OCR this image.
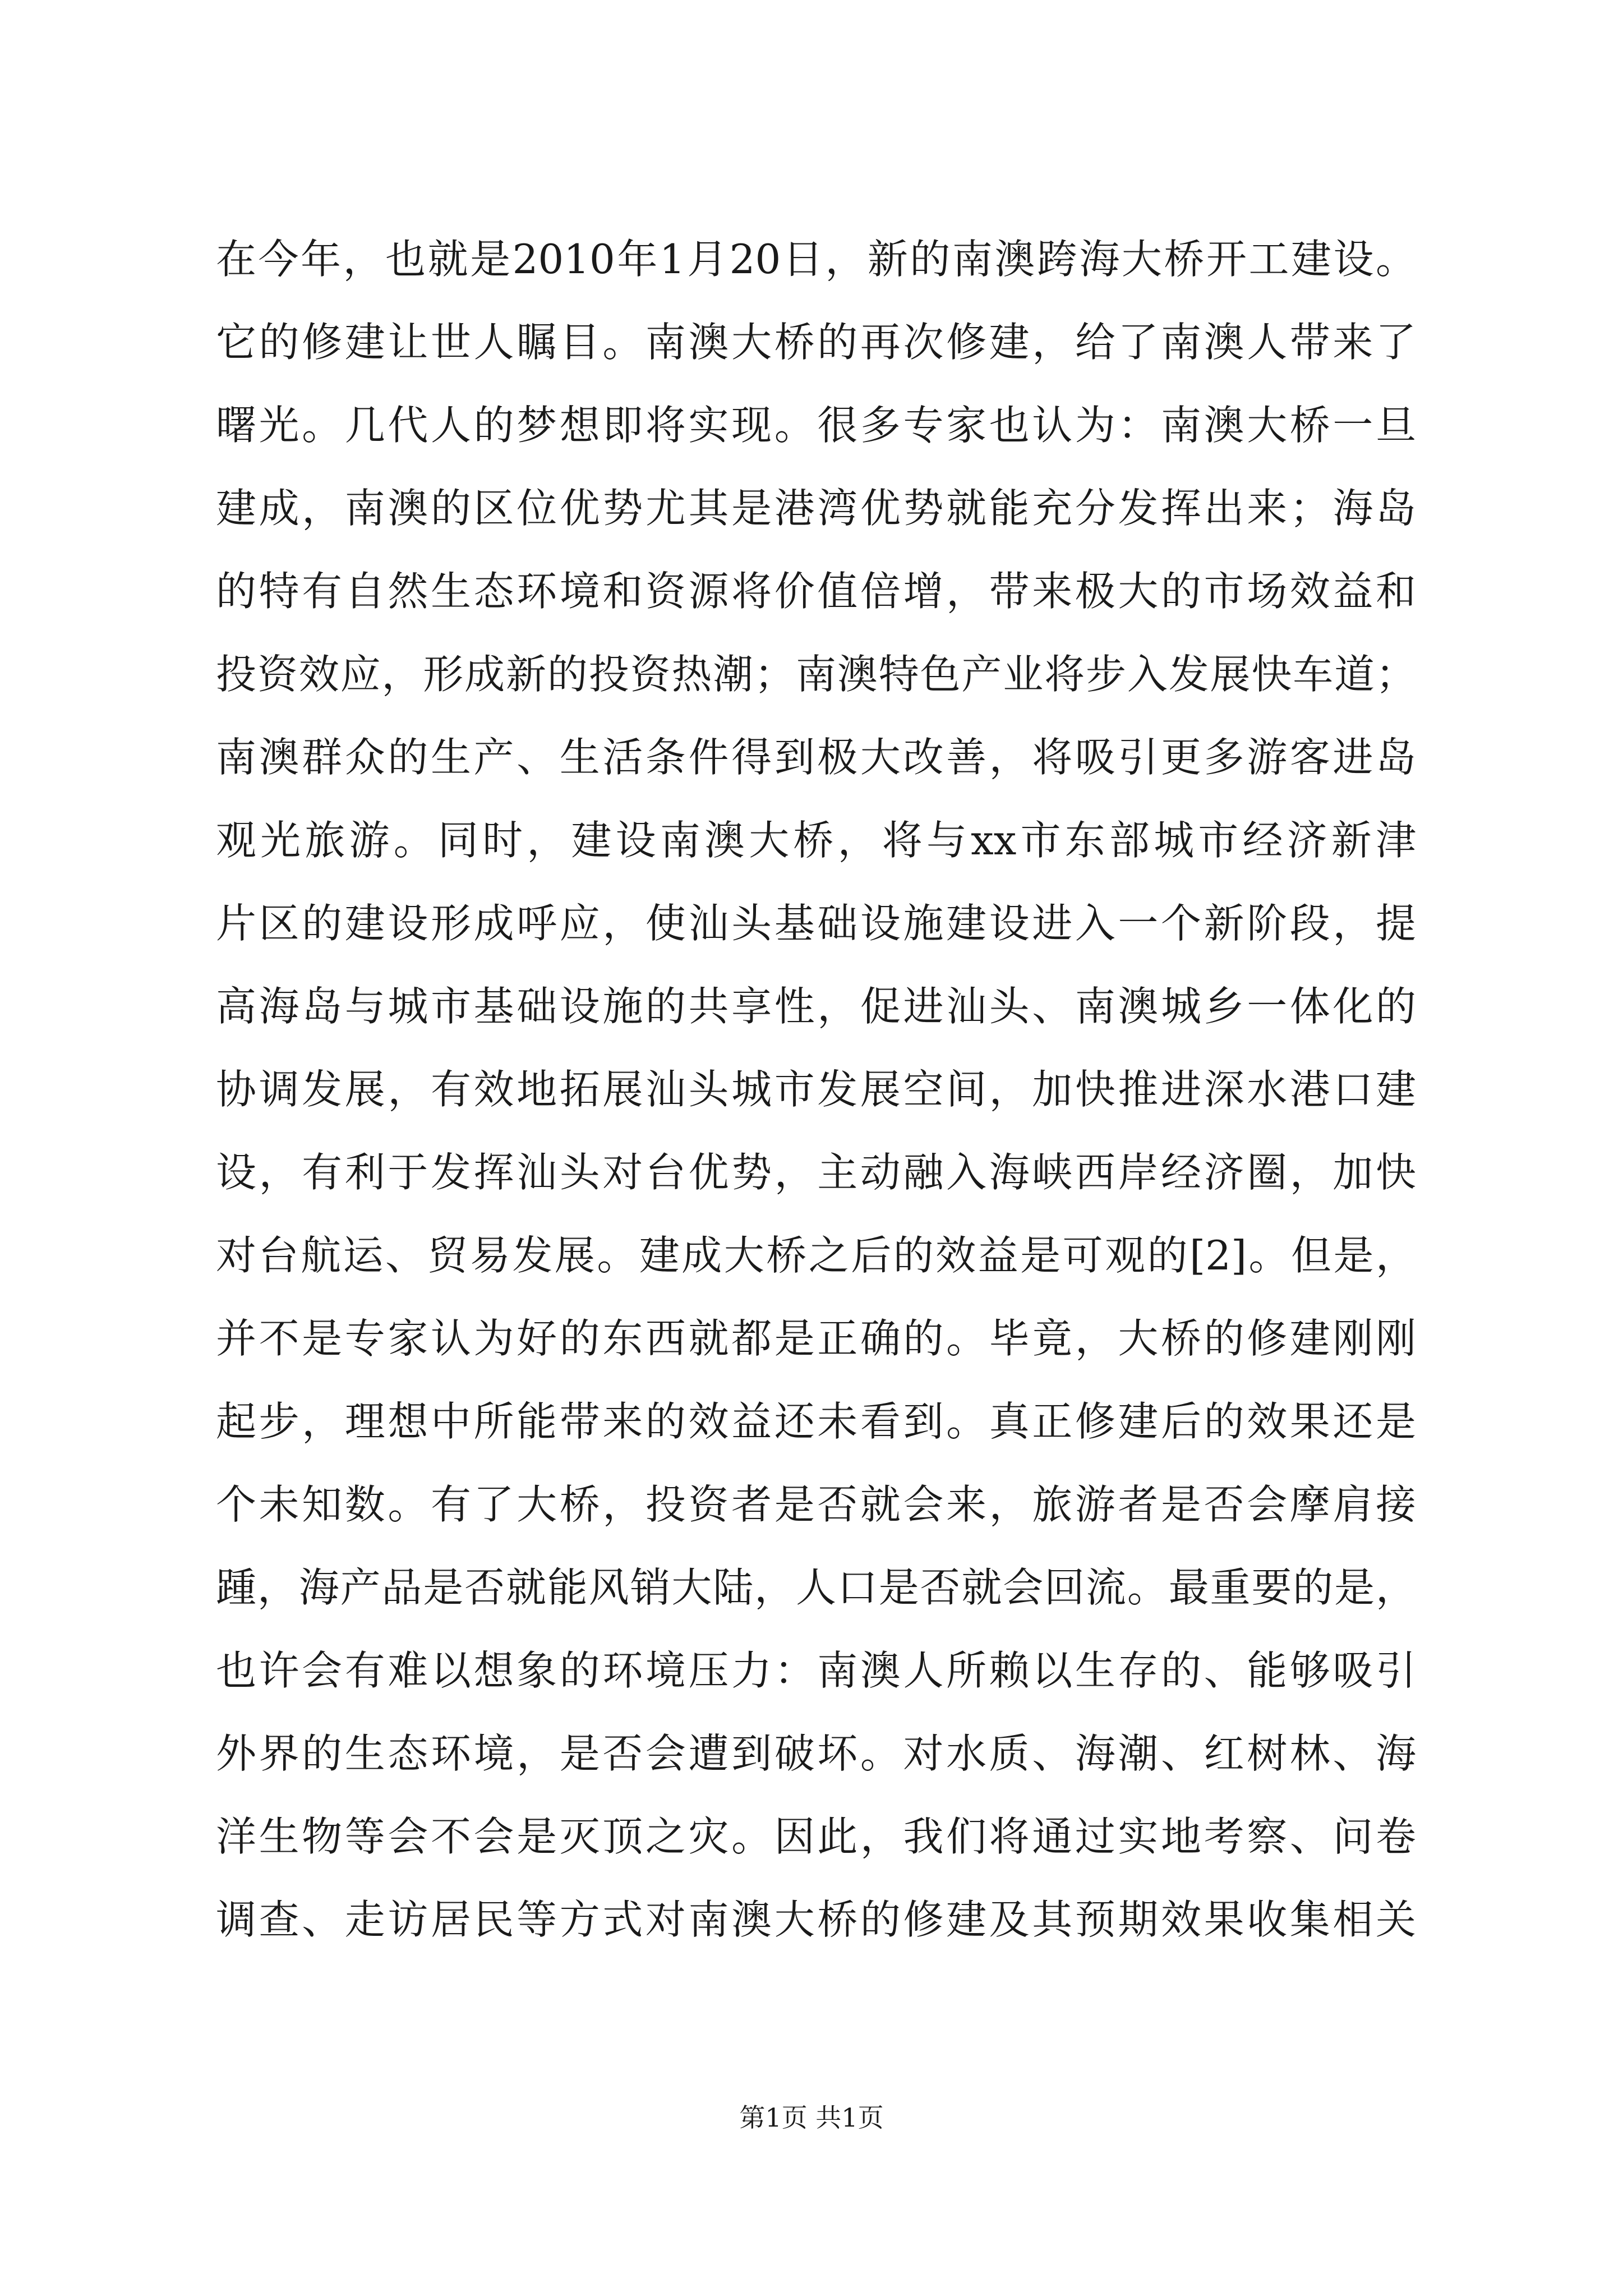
在今年，也就是2010年1月20日，新的南澳跨海大桥开工建设。
它的修建让世人瞩目。南澳大桥的再次修建，给了南澳人带来了
曙光。几代人的梦想即将实现。很多专家也认为：南澳大桥一旦
建成，南澳的区位优势尤其是港湾优势就能充分发挥出来；海岛
的特有自然生态环境和资源将价值倍增，带来极大的市场效益和
投资效应，形成新的投资热潮；南澳特色产业将步入发展快车道；
南澳群众的生产、生活条件得到极大改善，将吸引更多游客进岛
观光旅游。同时，建设南澳大桥，将与xx市东部城市经济新津
片区的建设形成呼应，使汕头基础设施建设进入一个新阶段，提
高海岛与城市基础设施的共享性，促进汕头、南澳城乡一体化的
协调发展，有效地拓展汕头城市发展空间，加快推进深水港口建
设，有利于发挥汕头对台优势，主动融入海峡西岸经济圈，加快
对台航运、贸易发展。建成大桥之后的效益是可观的[2]。但是，
并不是专家认为好的东西就都是正确的。毕竟，大桥的修建刚刚
起步，理想中所能带来的效益还未看到。真正修建后的效果还是
个未知数。有了大桥，投资者是否就会来，旅游者是否会摩肩接
踵，海产品是否就能风销大陆，人口是否就会回流。最重要的是，
也许会有难以想象的环境压力：南澳人所赖以生存的、能够吸引
外界的生态环境，是否会遭到破坏。对水质、海潮、红树林、海
洋生物等会不会是灭顶之灾。因此，我们将通过实地考察、问卷
调查、走访居民等方式对南澳大桥的修建及其预期效果收集相关
第1页 共1页
